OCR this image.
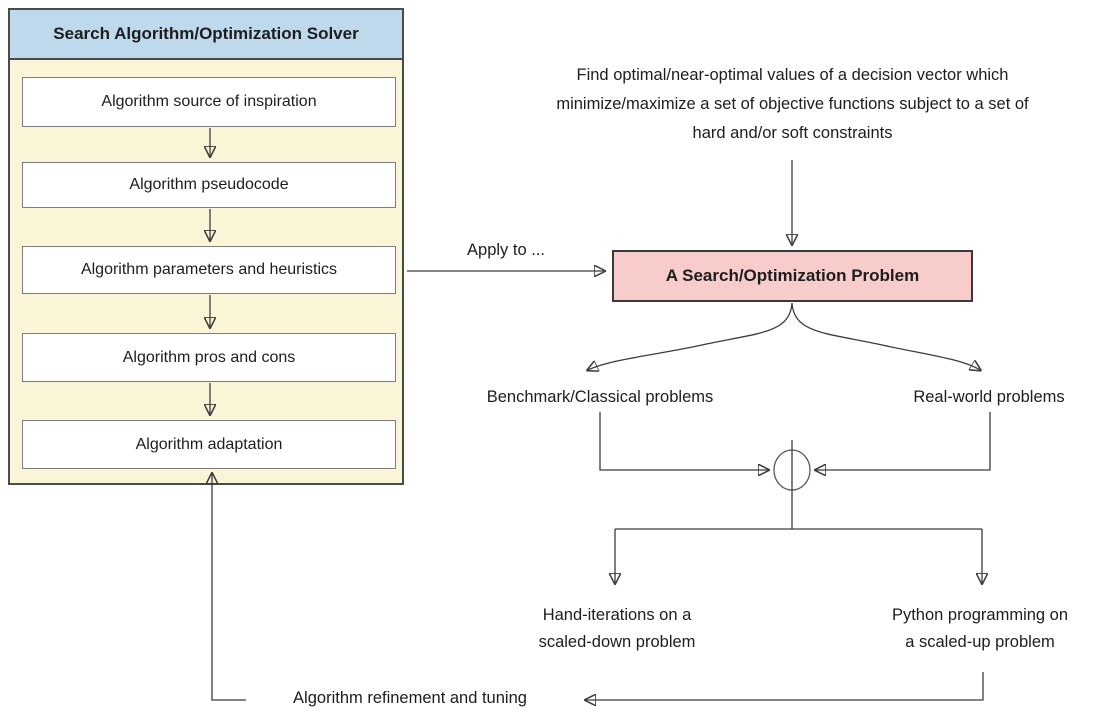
Search Algorithm/Optimization Solver
Algorithm source of inspiration
Algorithm pseudocode
Algorithm parameters and heuristics
Algorithm pros and cons
Algorithm adaptation
Find optimal/near-optimal values of a decision vector which
minimize/maximize a set of objective functions subject to a set of
hard and/or soft constraints
Apply to ...
A Search/Optimization Problem
Benchmark/Classical problems	Real-world problems
Hand-iterations on a
scaled-down problem
Python programming on
a scaled-up problem
Algorithm refinement and tuning
